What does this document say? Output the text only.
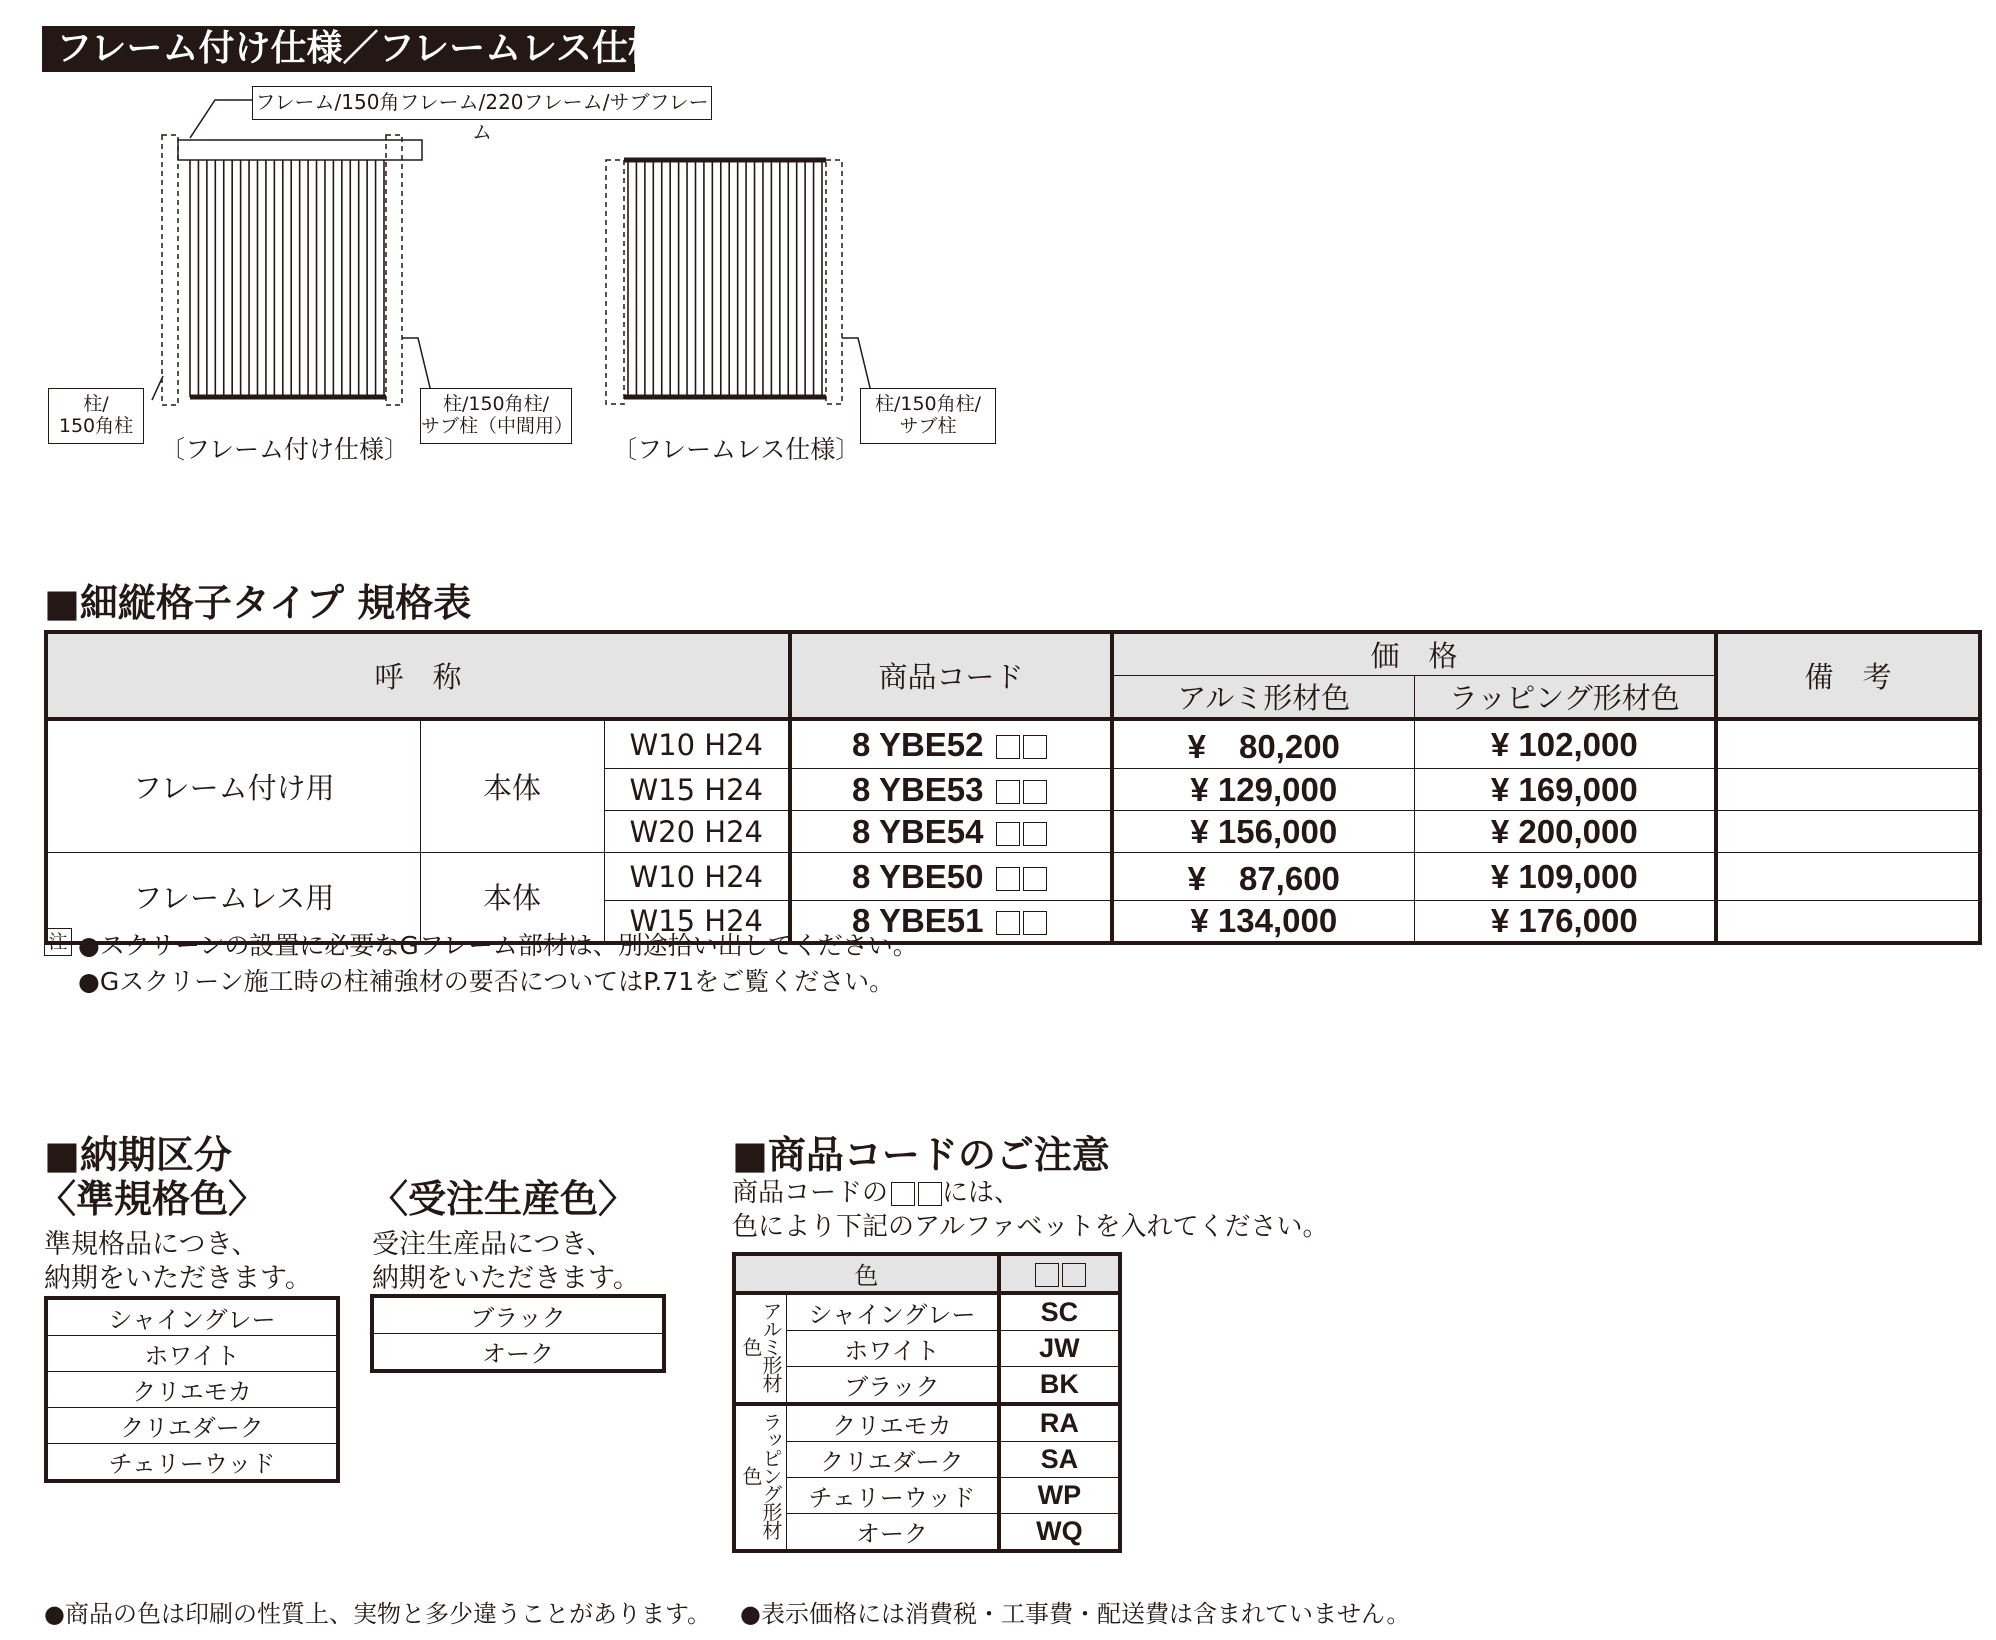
フレーム付け仕様／フレームレス仕様
フレーム/150角フレーム/220フレーム/サブフレーム
柱/
150角柱
柱/150角柱/
サブ柱（中間用）
柱/150角柱/
サブ柱
〔フレーム付け仕様〕	〔フレームレス仕様〕
■細縦格子タイプ 規格表
呼　称			商品コード	価　格		備　考
				アルミ形材色	ラッピング形材色	
フレーム付け用	本体	W10 H24	8 YBE52	¥　80,200	¥ 102,000	
		W15 H24	8 YBE53	¥ 129,000	¥ 169,000	
		W20 H24	8 YBE54	¥ 156,000	¥ 200,000	
フレームレス用	本体	W10 H24	8 YBE50	¥　87,600	¥ 109,000	
		W15 H24	8 YBE51	¥ 134,000	¥ 176,000	
注 ●スクリーンの設置に必要なGフレーム部材は、別途拾い出してください。
●Gスクリーン施工時の柱補強材の要否についてはP.71をご覧ください。
■納期区分
〈準規格色〉
準規格品につき、
納期をいただきます。
シャイングレー
ホワイト
クリエモカ
クリエダーク
チェリーウッド
〈受注生産色〉
受注生産品につき、
納期をいただきます。
ブラック
オーク
■商品コードのご注意
商品コードの には、
色により下記のアルファベットを入れてください。
色		
アルミ形材色	シャイングレー	SC
	ホワイト	JW
	ブラック	BK
ラッピング形材色	クリエモカ	RA
	クリエダーク	SA
	チェリーウッド	WP
	オーク	WQ
●商品の色は印刷の性質上、実物と多少違うことがあります。 ●表示価格には消費税・工事費・配送費は含まれていません。
